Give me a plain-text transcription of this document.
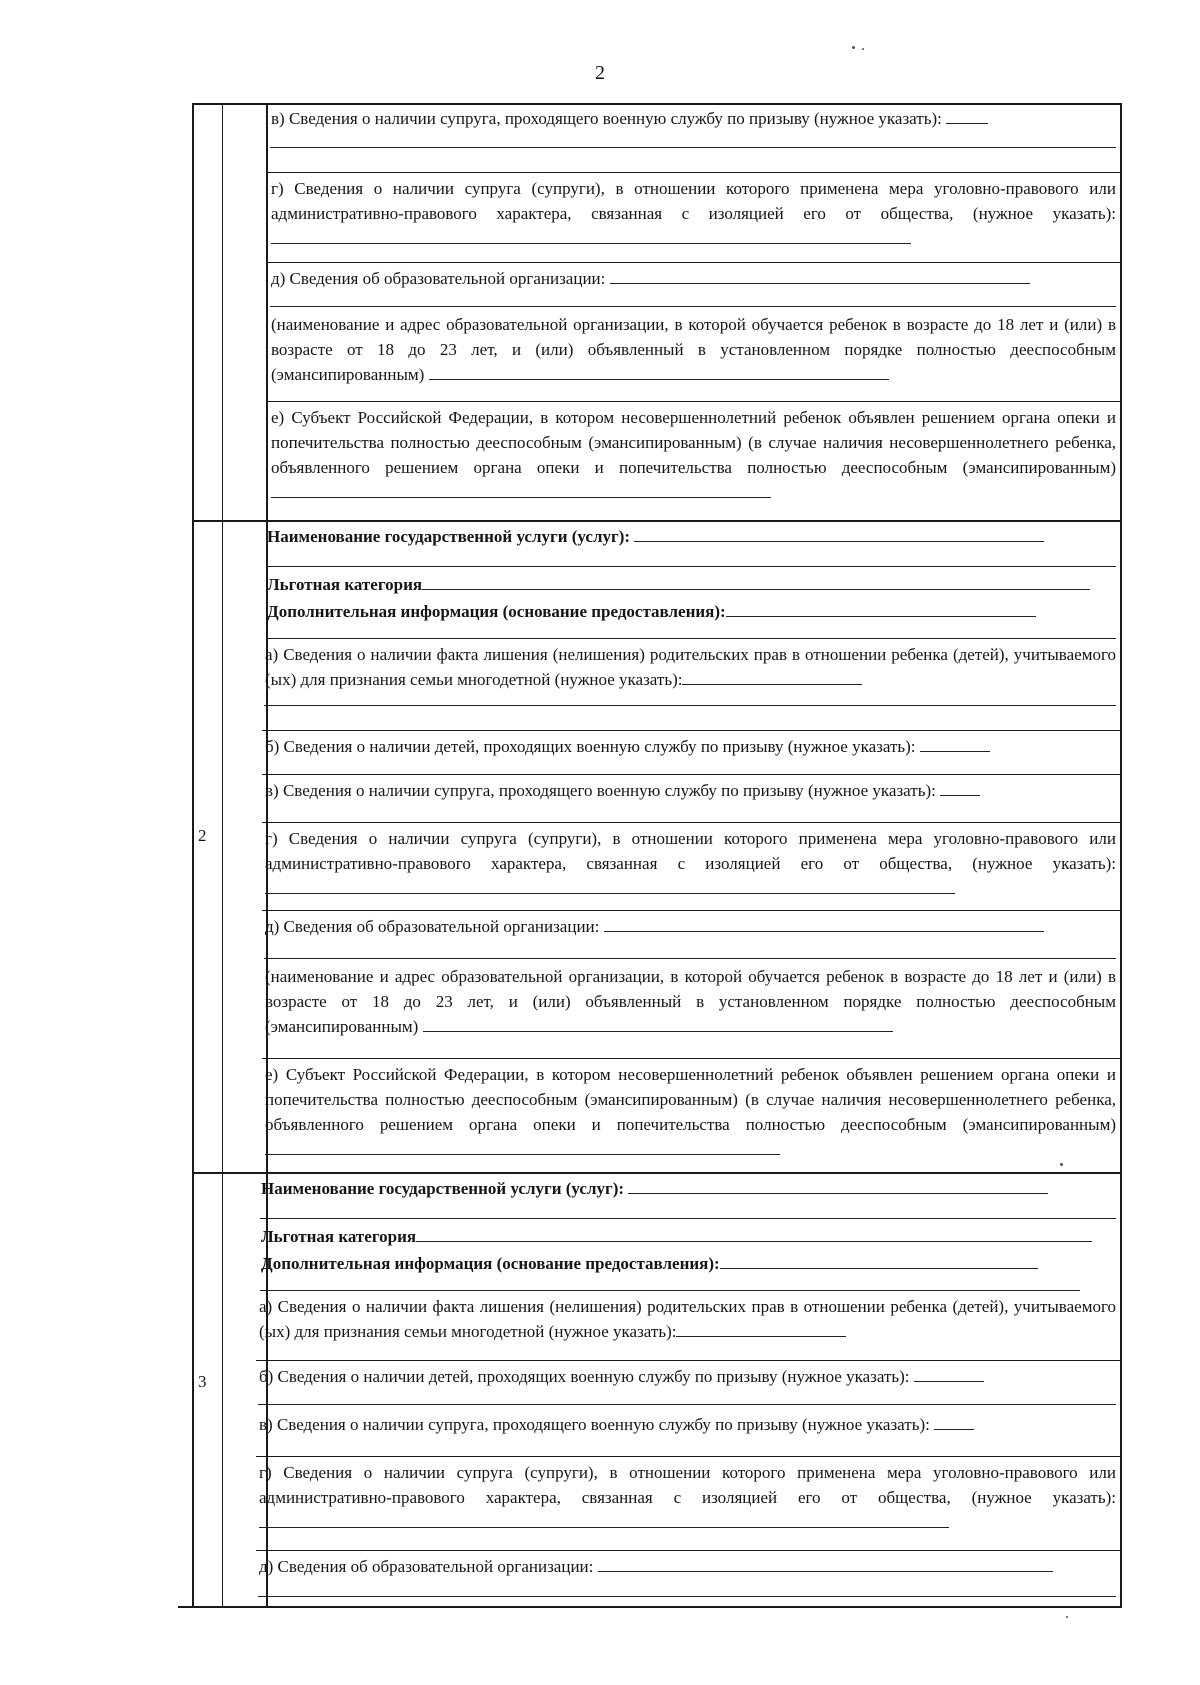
2
2
3
в) Сведения о наличии супруга, проходящего военную службу по призыву (нужное указать):
г) Сведения о наличии супруга (супруги), в отношении которого применена мера уголовно-правового или административно-правового характера, связанная с изоляцией его от общества, (нужное указать):
д) Сведения об образовательной организации:
(наименование и адрес образовательной организации, в которой обучается ребенок в возрасте до 18 лет и (или) в возрасте от 18 до 23 лет, и (или) объявленный в установленном порядке полностью дееспособным (эмансипированным)
е) Субъект Российской Федерации, в котором несовершеннолетний ребенок объявлен решением органа опеки и попечительства полностью дееспособным (эмансипированным) (в случае наличия несовершеннолетнего ребенка, объявленного решением органа опеки и попечительства полностью дееспособным (эмансипированным)
Наименование государственной услуги (услуг):
Льготная категория
Дополнительная информация (основание предоставления):
а) Сведения о наличии факта лишения (нелишения) родительских прав в отношении ребенка (детей), учитываемого (ых) для признания семьи многодетной (нужное указать):
б) Сведения о наличии детей, проходящих военную службу по призыву (нужное указать):
в) Сведения о наличии супруга, проходящего военную службу по призыву (нужное указать):
г) Сведения о наличии супруга (супруги), в отношении которого применена мера уголовно-правового или административно-правового характера, связанная с изоляцией его от общества, (нужное указать):
д) Сведения об образовательной организации:
(наименование и адрес образовательной организации, в которой обучается ребенок в возрасте до 18 лет и (или) в возрасте от 18 до 23 лет, и (или) объявленный в установленном порядке полностью дееспособным (эмансипированным)
е) Субъект Российской Федерации, в котором несовершеннолетний ребенок объявлен решением органа опеки и попечительства полностью дееспособным (эмансипированным) (в случае наличия несовершеннолетнего ребенка, объявленного решением органа опеки и попечительства полностью дееспособным (эмансипированным)
Наименование государственной услуги (услуг):
Льготная категория
Дополнительная информация (основание предоставления):
а) Сведения о наличии факта лишения (нелишения) родительских прав в отношении ребенка (детей), учитываемого (ых) для признания семьи многодетной (нужное указать):
б) Сведения о наличии детей, проходящих военную службу по призыву (нужное указать):
в) Сведения о наличии супруга, проходящего военную службу по призыву (нужное указать):
г) Сведения о наличии супруга (супруги), в отношении которого применена мера уголовно-правового или административно-правового характера, связанная с изоляцией его от общества, (нужное указать):
д) Сведения об образовательной организации:
